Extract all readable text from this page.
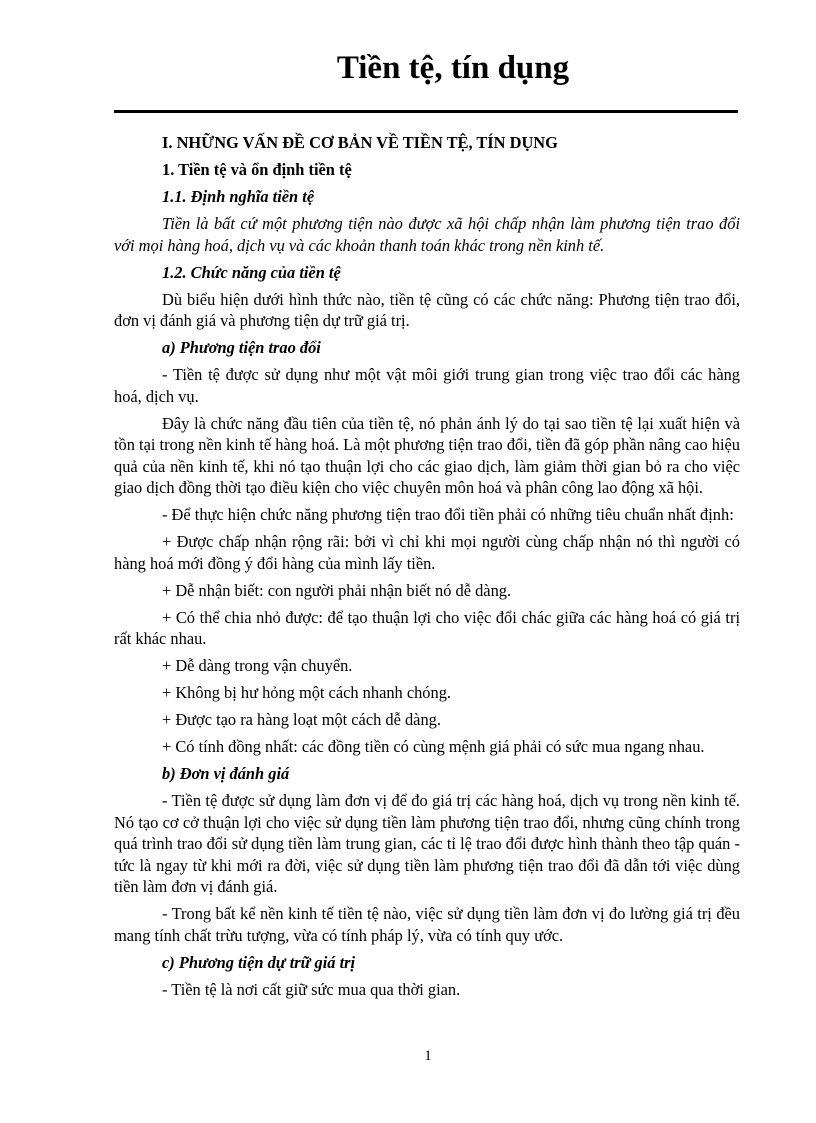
Tiền tệ, tín dụng

I. NHỮNG VẤN ĐỀ CƠ BẢN VỀ TIỀN TỆ, TÍN DỤNG

1. Tiền tệ và ổn định tiền tệ

1.1. Định nghĩa tiền tệ

Tiền là bất cứ một phương tiện nào được xã hội chấp nhận làm phương tiện trao đổi với mọi hàng hoá, dịch vụ và các khoản thanh toán khác trong nền kinh tế.

1.2. Chức năng của tiền tệ

Dù biểu hiện dưới hình thức nào, tiền tệ cũng có các chức năng: Phương tiện trao đổi, đơn vị đánh giá và phương tiện dự trữ giá trị.

a) Phương tiện trao đổi

- Tiền tệ được sử dụng như một vật môi giới trung gian trong việc trao đổi các hàng hoá, dịch vụ.

Đây là chức năng đầu tiên của tiền tệ, nó phản ánh lý do tại sao tiền tệ lại xuất hiện và tồn tại trong nền kinh tế hàng hoá. Là một phương tiện trao đổi, tiền đã góp phần nâng cao hiệu quả của nền kinh tế, khi nó tạo thuận lợi cho các giao dịch, làm giảm thời gian bỏ ra cho việc giao dịch đồng thời tạo điều kiện cho việc chuyên môn hoá và phân công lao động xã hội.

- Để thực hiện chức năng phương tiện trao đổi tiền phải có những tiêu chuẩn nhất định:

+ Được chấp nhận rộng rãi: bởi vì chỉ khi mọi người cùng chấp nhận nó thì người có hàng hoá mới đồng ý đổi hàng của mình lấy tiền.

+ Dễ nhận biết: con người phải nhận biết nó dễ dàng.

+ Có thể chia nhỏ được: để tạo thuận lợi cho việc đổi chác giữa các hàng hoá có giá trị rất khác nhau.

+ Dễ dàng trong vận chuyển.

+ Không bị hư hỏng một cách nhanh chóng.

+ Được tạo ra hàng loạt một cách dễ dàng.

+ Có tính đồng nhất: các đồng tiền có cùng mệnh giá phải có sức mua ngang nhau.

b) Đơn vị đánh giá

- Tiền tệ được sử dụng làm đơn vị để đo giá trị các hàng hoá, dịch vụ trong nền kinh tế. Nó tạo cơ cở thuận lợi cho việc sử dụng tiền làm phương tiện trao đổi, nhưng cũng chính trong quá trình trao đổi sử dụng tiền làm trung gian, các tỉ lệ trao đổi được hình thành theo tập quán - tức là ngay từ khi mới ra đời, việc sử dụng tiền làm phương tiện trao đổi đã dẫn tới việc dùng tiền làm đơn vị đánh giá.

- Trong bất kể nền kinh tế tiền tệ nào, việc sử dụng tiền làm đơn vị đo lường giá trị đều mang tính chất trừu tượng, vừa có tính pháp lý, vừa có tính quy ước.

c) Phương tiện dự trữ giá trị

- Tiền tệ là nơi cất giữ sức mua qua thời gian.

1
